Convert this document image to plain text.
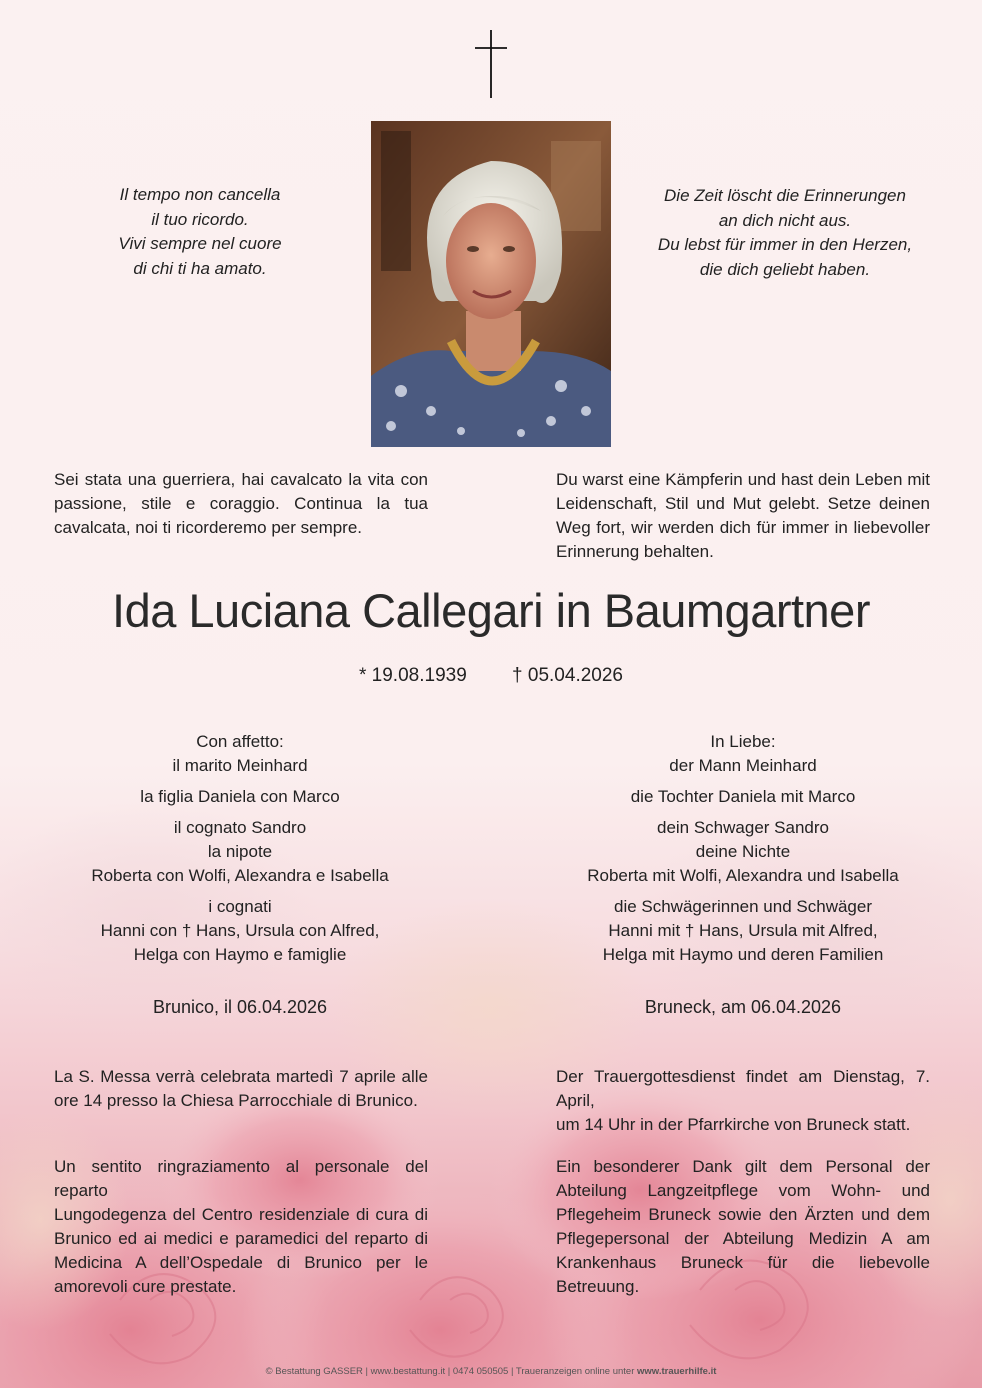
Il tempo non cancella
il tuo ricordo.
Vivi sempre nel cuore
di chi ti ha amato.
Die Zeit löscht die Erinnerungen
an dich nicht aus.
Du lebst für immer in den Herzen,
die dich geliebt haben.
Sei stata una guerriera, hai cavalcato la vita con
passione, stile e coraggio. Continua la tua
cavalcata, noi ti ricorderemo per sempre.
Du warst eine Kämpferin und hast dein Leben mit
Leidenschaft, Stil und Mut gelebt. Setze deinen
Weg fort, wir werden dich für immer in liebevoller
Erinnerung behalten.
Ida Luciana Callegari in Baumgartner
* 19.08.1939 † 05.04.2026
Con affetto:
il marito Meinhard
la figlia Daniela con Marco
il cognato Sandro
la nipote
Roberta con Wolfi, Alexandra e Isabella
i cognati
Hanni con † Hans, Ursula con Alfred,
Helga con Haymo e famiglie
In Liebe:
der Mann Meinhard
die Tochter Daniela mit Marco
dein Schwager Sandro
deine Nichte
Roberta mit Wolfi, Alexandra und Isabella
die Schwägerinnen und Schwäger
Hanni mit † Hans, Ursula mit Alfred,
Helga mit Haymo und deren Familien
Brunico, il 06.04.2026	Bruneck, am 06.04.2026
La S. Messa verrà celebrata martedì 7 aprile alle
ore 14 presso la Chiesa Parrocchiale di Brunico.
Der Trauergottesdienst findet am Dienstag, 7. April,
um 14 Uhr in der Pfarrkirche von Bruneck statt.
Un sentito ringraziamento al personale del reparto
Lungodegenza del Centro residenziale di cura di
Brunico ed ai medici e paramedici del reparto di
Medicina A dell’Ospedale di Brunico per le
amorevoli cure prestate.
Ein besonderer Dank gilt dem Personal der
Abteilung Langzeitpflege vom Wohn- und
Pflegeheim Bruneck sowie den Ärzten und dem
Pflegepersonal der Abteilung Medizin A am
Krankenhaus Bruneck für die liebevolle Betreuung.
© Bestattung GASSER | www.bestattung.it | 0474 050505 | Traueranzeigen online unter www.trauerhilfe.it
